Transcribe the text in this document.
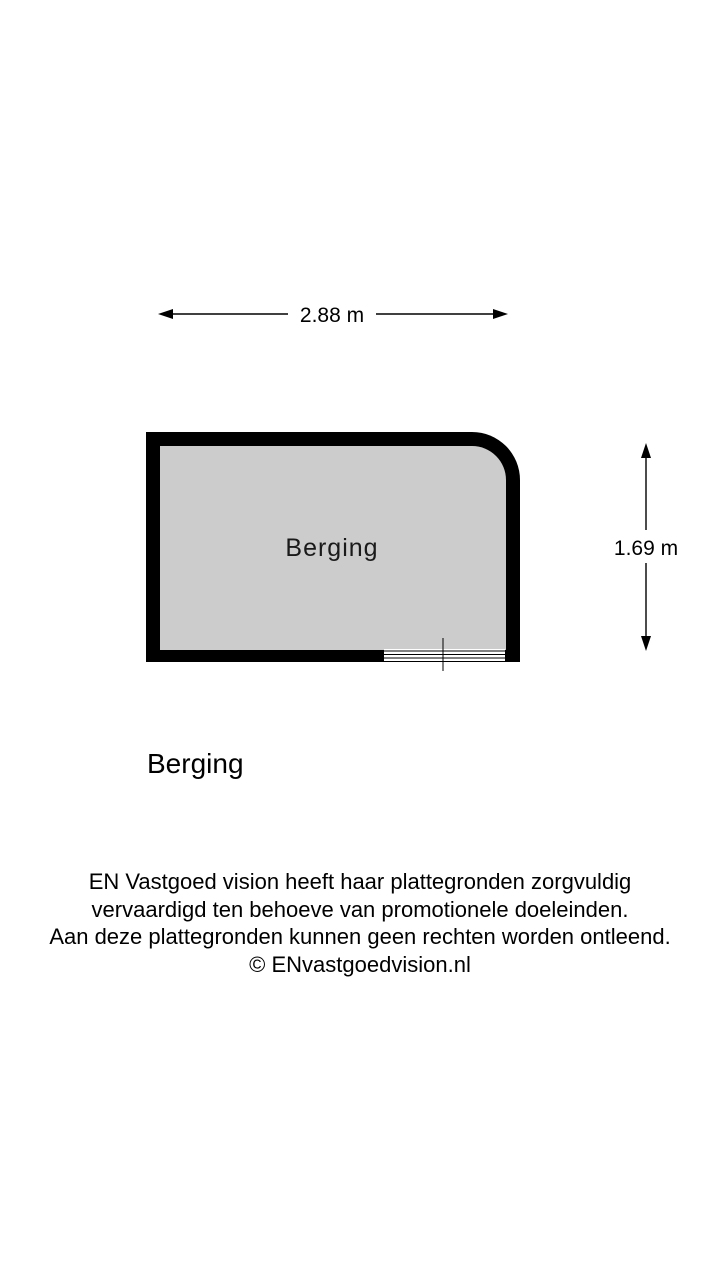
2.88 m
1.69 m
Berging
Berging
EN Vastgoed vision heeft haar plattegronden zorgvuldig
vervaardigd ten behoeve van promotionele doeleinden.
Aan deze plattegronden kunnen geen rechten worden ontleend.
© ENvastgoedvision.nl
